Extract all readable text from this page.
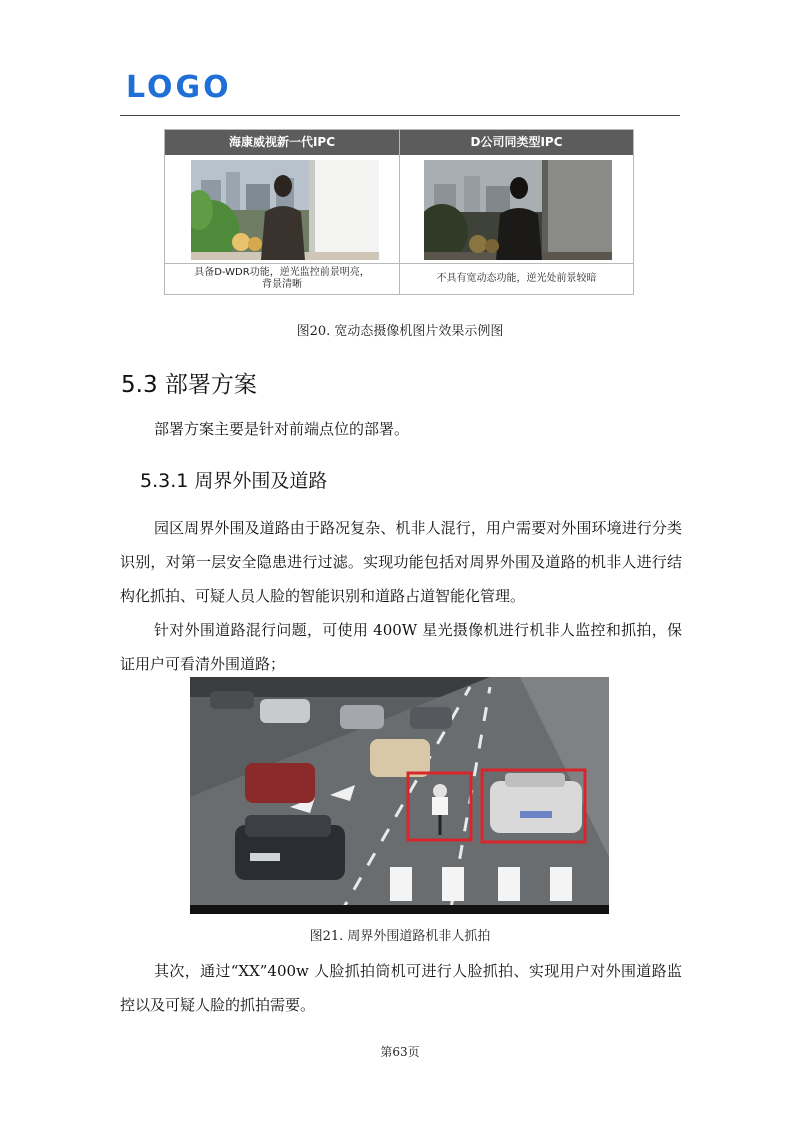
LOGO
海康威视新一代IPC	D公司同类型IPC
具备D-WDR功能，逆光监控前景明亮，
背景清晰
不具有宽动态功能，逆光处前景较暗
图20. 宽动态摄像机图片效果示例图
5.3 部署方案
部署方案主要是针对前端点位的部署。
5.3.1 周界外围及道路
园区周界外围及道路由于路况复杂、机非人混行，用户需要对外围环境进行分类识别，对第一层安全隐患进行过滤。实现功能包括对周界外围及道路的机非人进行结构化抓拍、可疑人员人脸的智能识别和道路占道智能化管理。
针对外围道路混行问题，可使用 400W 星光摄像机进行机非人监控和抓拍，保证用户可看清外围道路；
图21. 周界外围道路机非人抓拍
其次，通过“XX”400w 人脸抓拍筒机可进行人脸抓拍、实现用户对外围道路监控以及可疑人脸的抓拍需要。
第63页
